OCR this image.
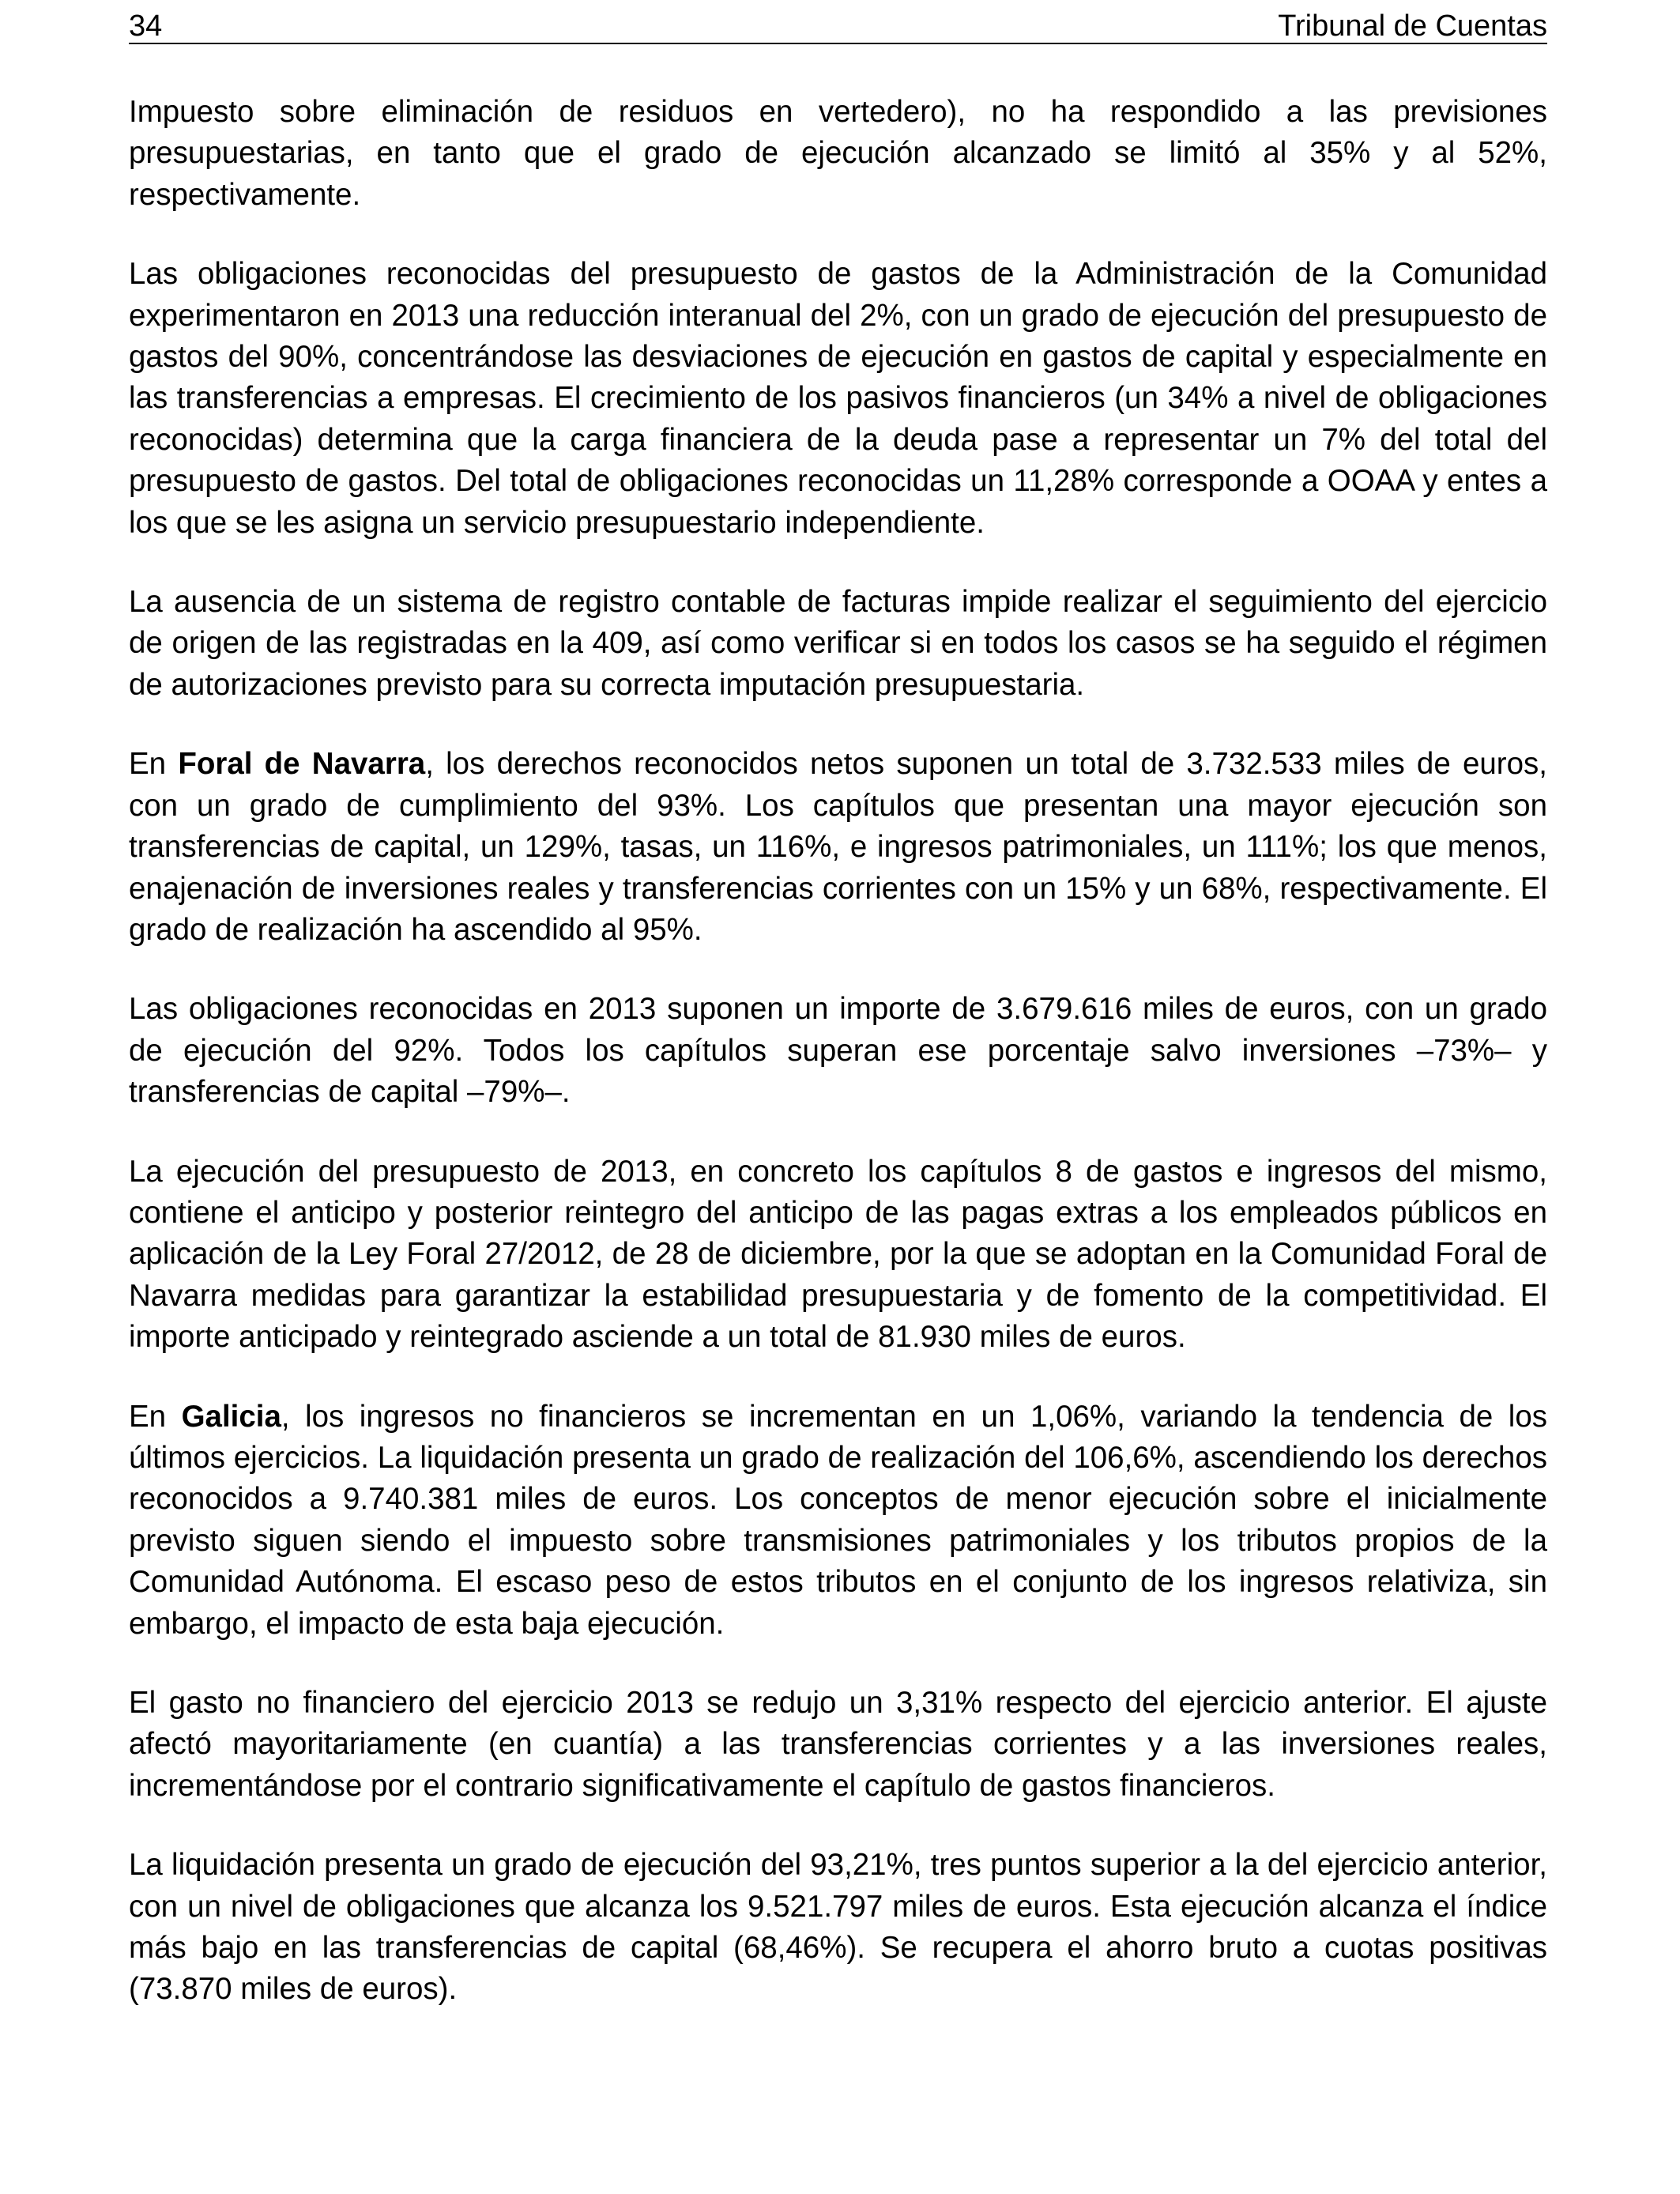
34	Tribunal de Cuentas

Impuesto sobre eliminación de residuos en vertedero), no ha respondido a las previsiones presupuestarias, en tanto que el grado de ejecución alcanzado se limitó al 35% y al 52%, respectivamente.

Las obligaciones reconocidas del presupuesto de gastos de la Administración de la Comunidad experimentaron en 2013 una reducción interanual del 2%, con un grado de ejecución del presupuesto de gastos del 90%, concentrándose las desviaciones de ejecución en gastos de capital y especialmente en las transferencias a empresas. El crecimiento de los pasivos financieros (un 34% a nivel de obligaciones reconocidas) determina que la carga financiera de la deuda pase a representar un 7% del total del presupuesto de gastos. Del total de obligaciones reconocidas un 11,28% corresponde a OOAA y entes a los que se les asigna un servicio presupuestario independiente.

La ausencia de un sistema de registro contable de facturas impide realizar el seguimiento del ejercicio de origen de las registradas en la 409, así como verificar si en todos los casos se ha seguido el régimen de autorizaciones previsto para su correcta imputación presupuestaria.

En Foral de Navarra, los derechos reconocidos netos suponen un total de 3.732.533 miles de euros, con un grado de cumplimiento del 93%. Los capítulos que presentan una mayor ejecución son transferencias de capital, un 129%, tasas, un 116%, e ingresos patrimoniales, un 111%; los que menos, enajenación de inversiones reales y transferencias corrientes con un 15% y un 68%, respectivamente. El grado de realización ha ascendido al 95%.

Las obligaciones reconocidas en 2013 suponen un importe de 3.679.616 miles de euros, con un grado de ejecución del 92%. Todos los capítulos superan ese porcentaje salvo inversiones –73%– y transferencias de capital –79%–.

La ejecución del presupuesto de 2013, en concreto los capítulos 8 de gastos e ingresos del mismo, contiene el anticipo y posterior reintegro del anticipo de las pagas extras a los empleados públicos en aplicación de la Ley Foral 27/2012, de 28 de diciembre, por la que se adoptan en la Comunidad Foral de Navarra medidas para garantizar la estabilidad presupuestaria y de fomento de la competitividad. El importe anticipado y reintegrado asciende a un total de 81.930 miles de euros.

En Galicia, los ingresos no financieros se incrementan en un 1,06%, variando la tendencia de los últimos ejercicios. La liquidación presenta un grado de realización del 106,6%, ascendiendo los derechos reconocidos a 9.740.381 miles de euros. Los conceptos de menor ejecución sobre el inicialmente previsto siguen siendo el impuesto sobre transmisiones patrimoniales y los tributos propios de la Comunidad Autónoma. El escaso peso de estos tributos en el conjunto de los ingresos relativiza, sin embargo, el impacto de esta baja ejecución.

El gasto no financiero del ejercicio 2013 se redujo un 3,31% respecto del ejercicio anterior. El ajuste afectó mayoritariamente (en cuantía) a las transferencias corrientes y a las inversiones reales, incrementándose por el contrario significativamente el capítulo de gastos financieros.

La liquidación presenta un grado de ejecución del 93,21%, tres puntos superior a la del ejercicio anterior, con un nivel de obligaciones que alcanza los 9.521.797 miles de euros. Esta ejecución alcanza el índice más bajo en las transferencias de capital (68,46%). Se recupera el ahorro bruto a cuotas positivas (73.870 miles de euros).
